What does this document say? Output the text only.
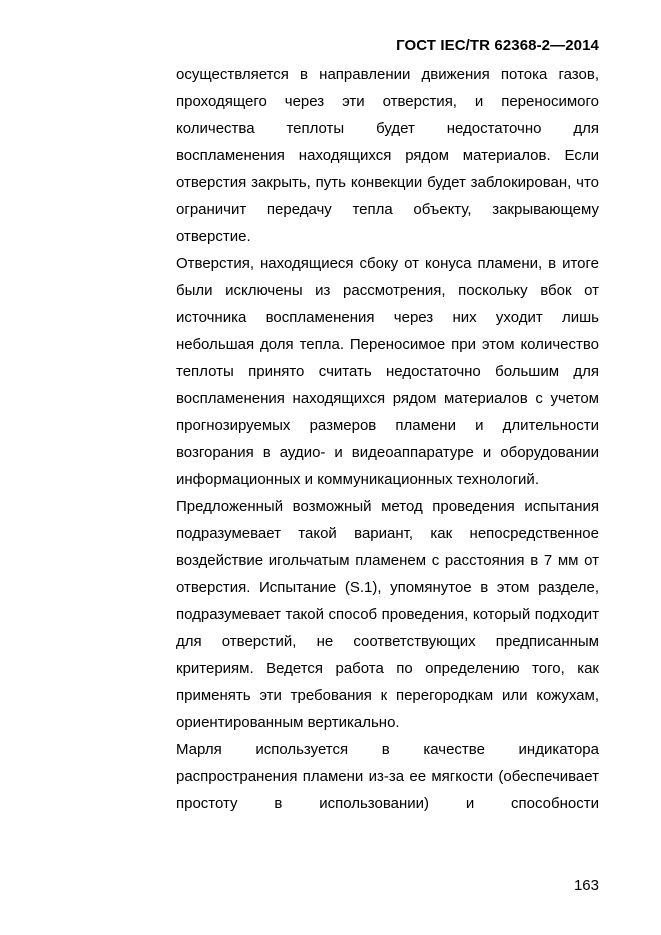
ГОСТ IEC/TR 62368-2—2014

осуществляется в направлении движения потока газов, проходящего через эти отверстия, и переносимого количества теплоты будет недостаточно для воспламенения находящихся рядом материалов. Если отверстия закрыть, путь конвекции будет заблокирован, что ограничит передачу тепла объекту, закрывающему отверстие.

Отверстия, находящиеся сбоку от конуса пламени, в итоге были исключены из рассмотрения, поскольку вбок от источника воспламенения через них уходит лишь небольшая доля тепла. Переносимое при этом количество теплоты принято считать недостаточно большим для воспламенения находящихся рядом материалов с учетом прогнозируемых размеров пламени и длительности возгорания в аудио- и видеоаппаратуре и оборудовании информационных и коммуникационных технологий.

Предложенный возможный метод проведения испытания подразумевает такой вариант, как непосредственное воздействие игольчатым пламенем с расстояния в 7 мм от отверстия. Испытание (S.1), упомянутое в этом разделе, подразумевает такой способ проведения, который подходит для отверстий, не соответствующих предписанным критериям. Ведется работа по определению того, как применять эти требования к перегородкам или кожухам, ориентированным вертикально.

Марля используется в качестве индикатора распространения пламени из-за ее мягкости (обеспечивает простоту в использовании) и способности

163
